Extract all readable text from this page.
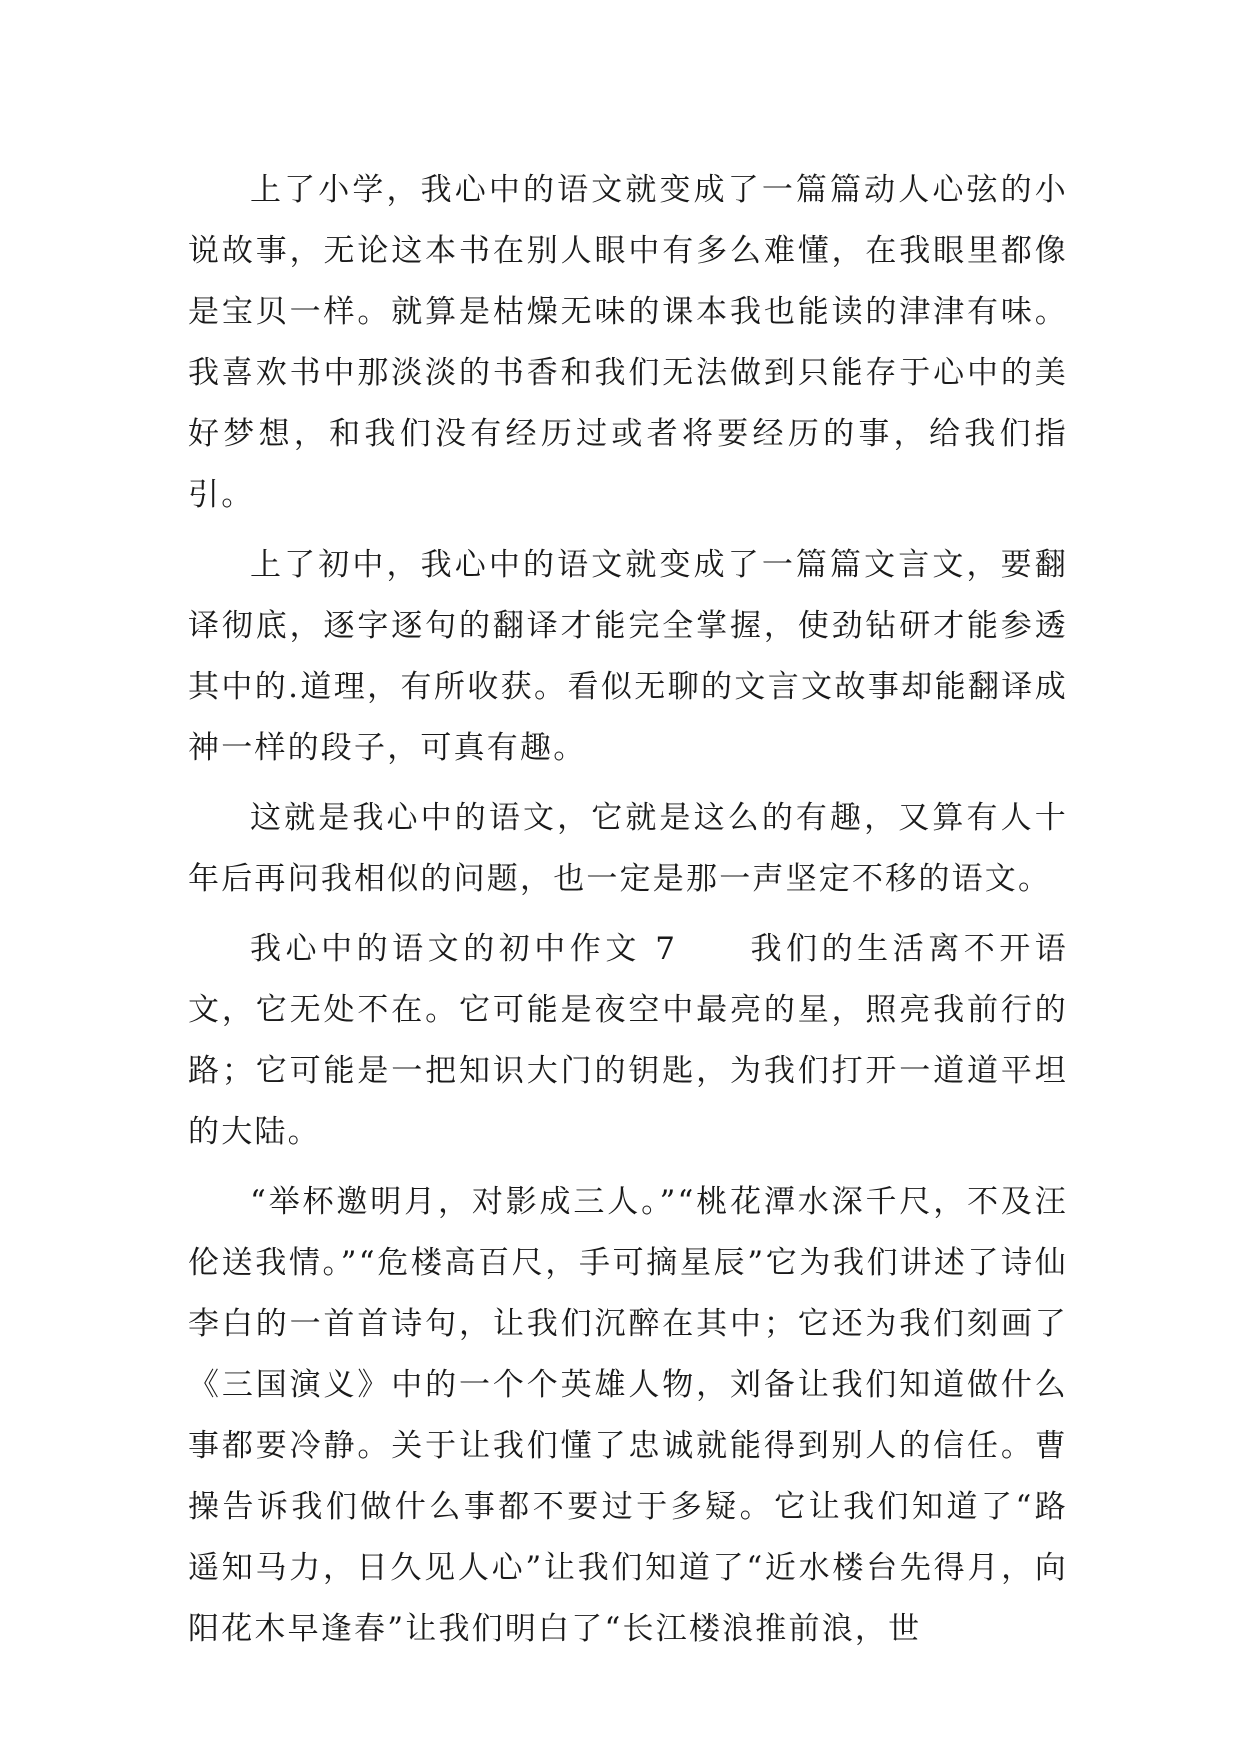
上了小学，我心中的语文就变成了一篇篇动人心弦的小说故事，无论这本书在别人眼中有多么难懂，在我眼里都像是宝贝一样。就算是枯燥无味的课本我也能读的津津有味。我喜欢书中那淡淡的书香和我们无法做到只能存于心中的美好梦想，和我们没有经历过或者将要经历的事，给我们指引。

上了初中，我心中的语文就变成了一篇篇文言文，要翻译彻底，逐字逐句的翻译才能完全掌握，使劲钻研才能参透其中的.道理，有所收获。看似无聊的文言文故事却能翻译成神一样的段子，可真有趣。

这就是我心中的语文，它就是这么的有趣，又算有人十年后再问我相似的问题，也一定是那一声坚定不移的语文。

我心中的语文的初中作文 7　　我们的生活离不开语文，它无处不在。它可能是夜空中最亮的星，照亮我前行的路；它可能是一把知识大门的钥匙，为我们打开一道道平坦的大陆。

“举杯邀明月，对影成三人。”“桃花潭水深千尺，不及汪伦送我情。”“危楼高百尺，手可摘星辰”它为我们讲述了诗仙李白的一首首诗句，让我们沉醉在其中；它还为我们刻画了《三国演义》中的一个个英雄人物，刘备让我们知道做什么事都要冷静。关于让我们懂了忠诚就能得到别人的信任。曹操告诉我们做什么事都不要过于多疑。它让我们知道了“路遥知马力，日久见人心”让我们知道了“近水楼台先得月，向阳花木早逢春”让我们明白了“长江楼浪推前浪，世
